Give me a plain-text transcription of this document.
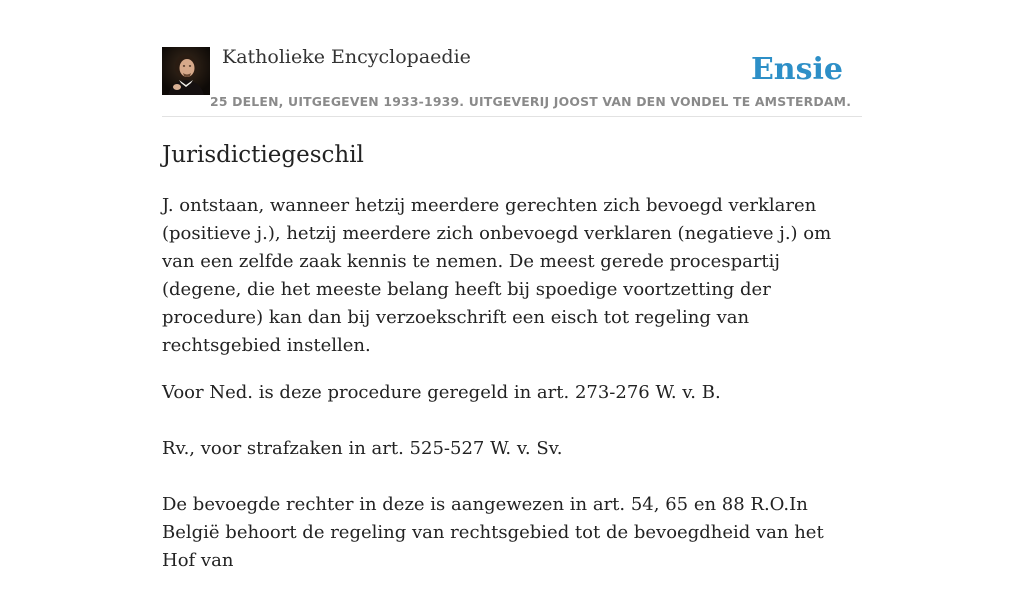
Katholieke Encyclopaedie	Ensie
25 DELEN, UITGEGEVEN 1933-1939. UITGEVERIJ JOOST VAN DEN VONDEL TE AMSTERDAM.
Jurisdictiegeschil

J. ontstaan, wanneer hetzij meerdere gerechten zich bevoegd verklaren (positieve j.), hetzij meerdere zich onbevoegd verklaren (negatieve j.) om van een zelfde zaak kennis te nemen. De meest gerede procespartij (degene, die het meeste belang heeft bij spoedige voortzetting der procedure) kan dan bij verzoekschrift een eisch tot regeling van rechtsgebied instellen.

Voor Ned. is deze procedure geregeld in art. 273-276 W. v. B.

Rv., voor strafzaken in art. 525-527 W. v. Sv.

De bevoegde rechter in deze is aangewezen in art. 54, 65 en 88 R.O.In België behoort de regeling van rechtsgebied tot de bevoegdheid van het Hof van
